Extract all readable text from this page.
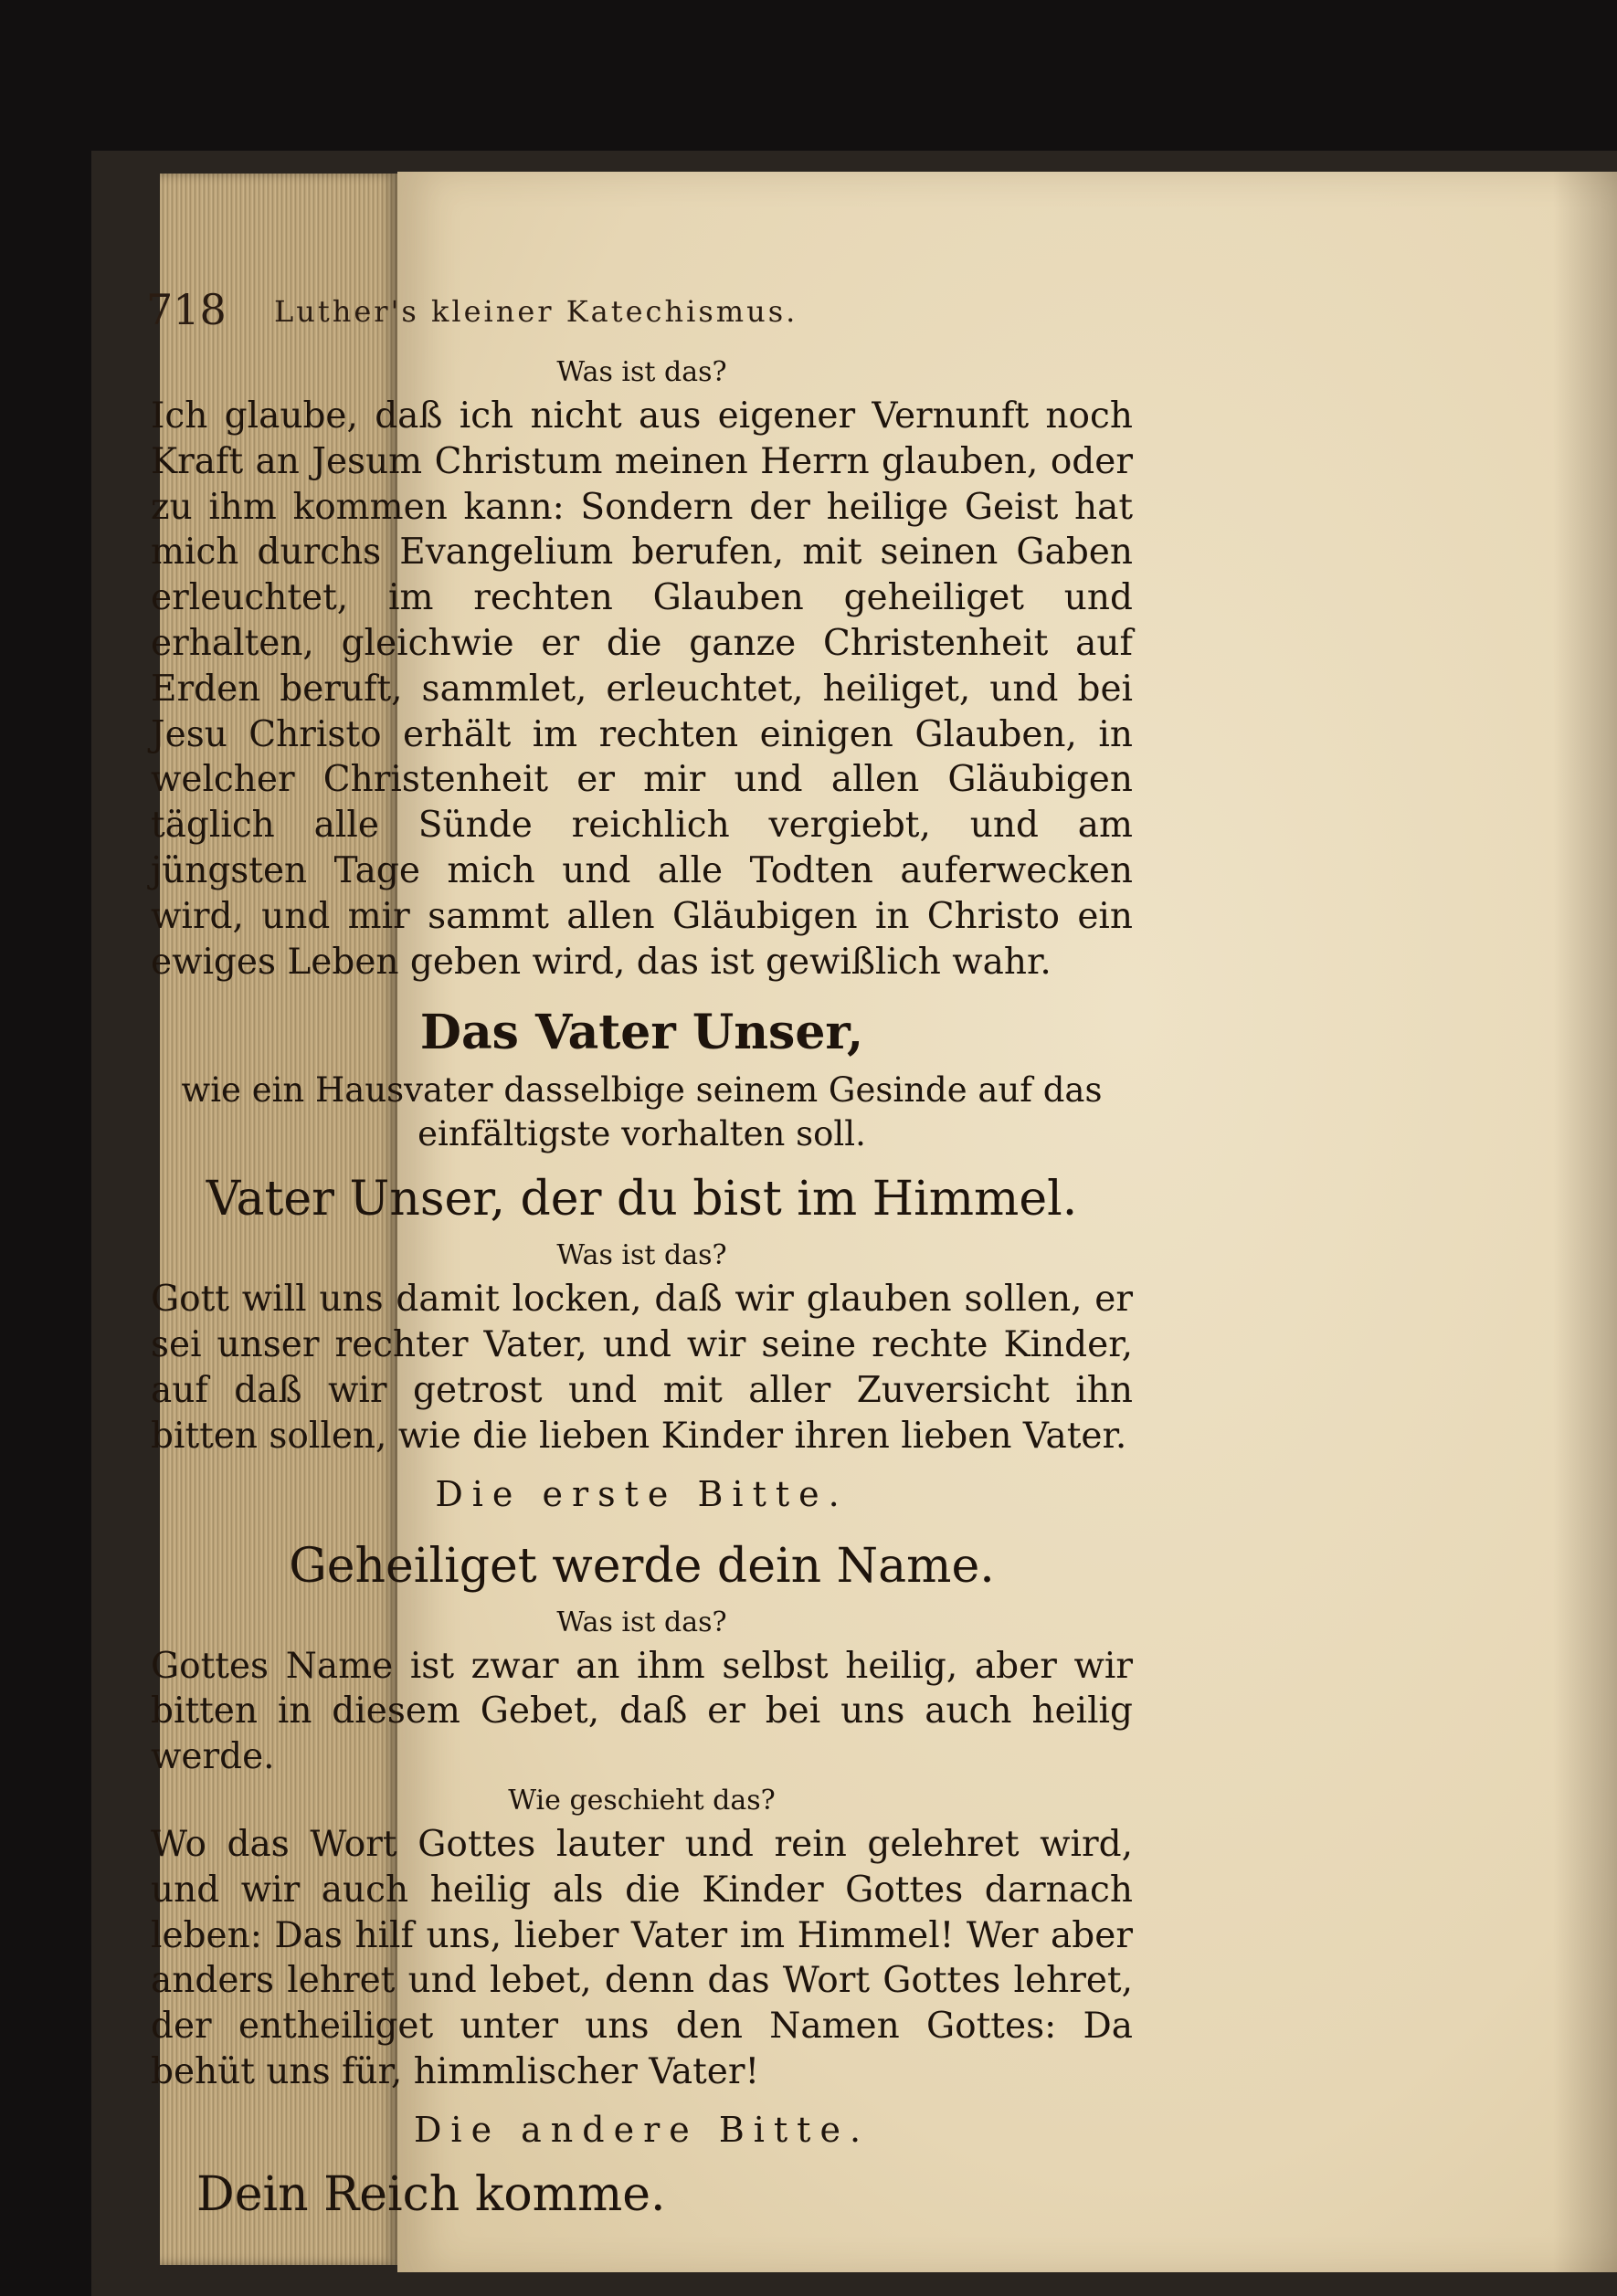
718 Luther's kleiner Katechismus.

Was ist das?

Ich glaube, daß ich nicht aus eigener Vernunft noch Kraft an Jesum Christum meinen Herrn glauben, oder zu ihm kommen kann: Sondern der heilige Geist hat mich durchs Evangelium berufen, mit seinen Gaben erleuchtet, im rechten Glauben geheiliget und erhalten, gleichwie er die ganze Christenheit auf Erden beruft, sammlet, erleuchtet, heiliget, und bei Jesu Christo erhält im rechten einigen Glauben, in welcher Christenheit er mir und allen Gläubigen täglich alle Sünde reichlich vergiebt, und am jüngsten Tage mich und alle Todten auferwecken wird, und mir sammt allen Gläubigen in Christo ein ewiges Leben geben wird, das ist gewißlich wahr.

Das Vater Unser,

wie ein Hausvater dasselbige seinem Gesinde auf das einfältigste vorhalten soll.

Vater Unser, der du bist im Himmel.

Was ist das?

Gott will uns damit locken, daß wir glauben sollen, er sei unser rechter Vater, und wir seine rechte Kinder, auf daß wir getrost und mit aller Zuversicht ihn bitten sollen, wie die lieben Kinder ihren lieben Vater.

Die erste Bitte.

Geheiliget werde dein Name.

Was ist das?

Gottes Name ist zwar an ihm selbst heilig, aber wir bitten in diesem Gebet, daß er bei uns auch heilig werde.

Wie geschieht das?

Wo das Wort Gottes lauter und rein gelehret wird, und wir auch heilig als die Kinder Gottes darnach leben: Das hilf uns, lieber Vater im Himmel! Wer aber anders lehret und lebet, denn das Wort Gottes lehret, der entheiliget unter uns den Namen Gottes: Da behüt uns für, himmlischer Vater!

Die andere Bitte.

Dein Reich komme.
